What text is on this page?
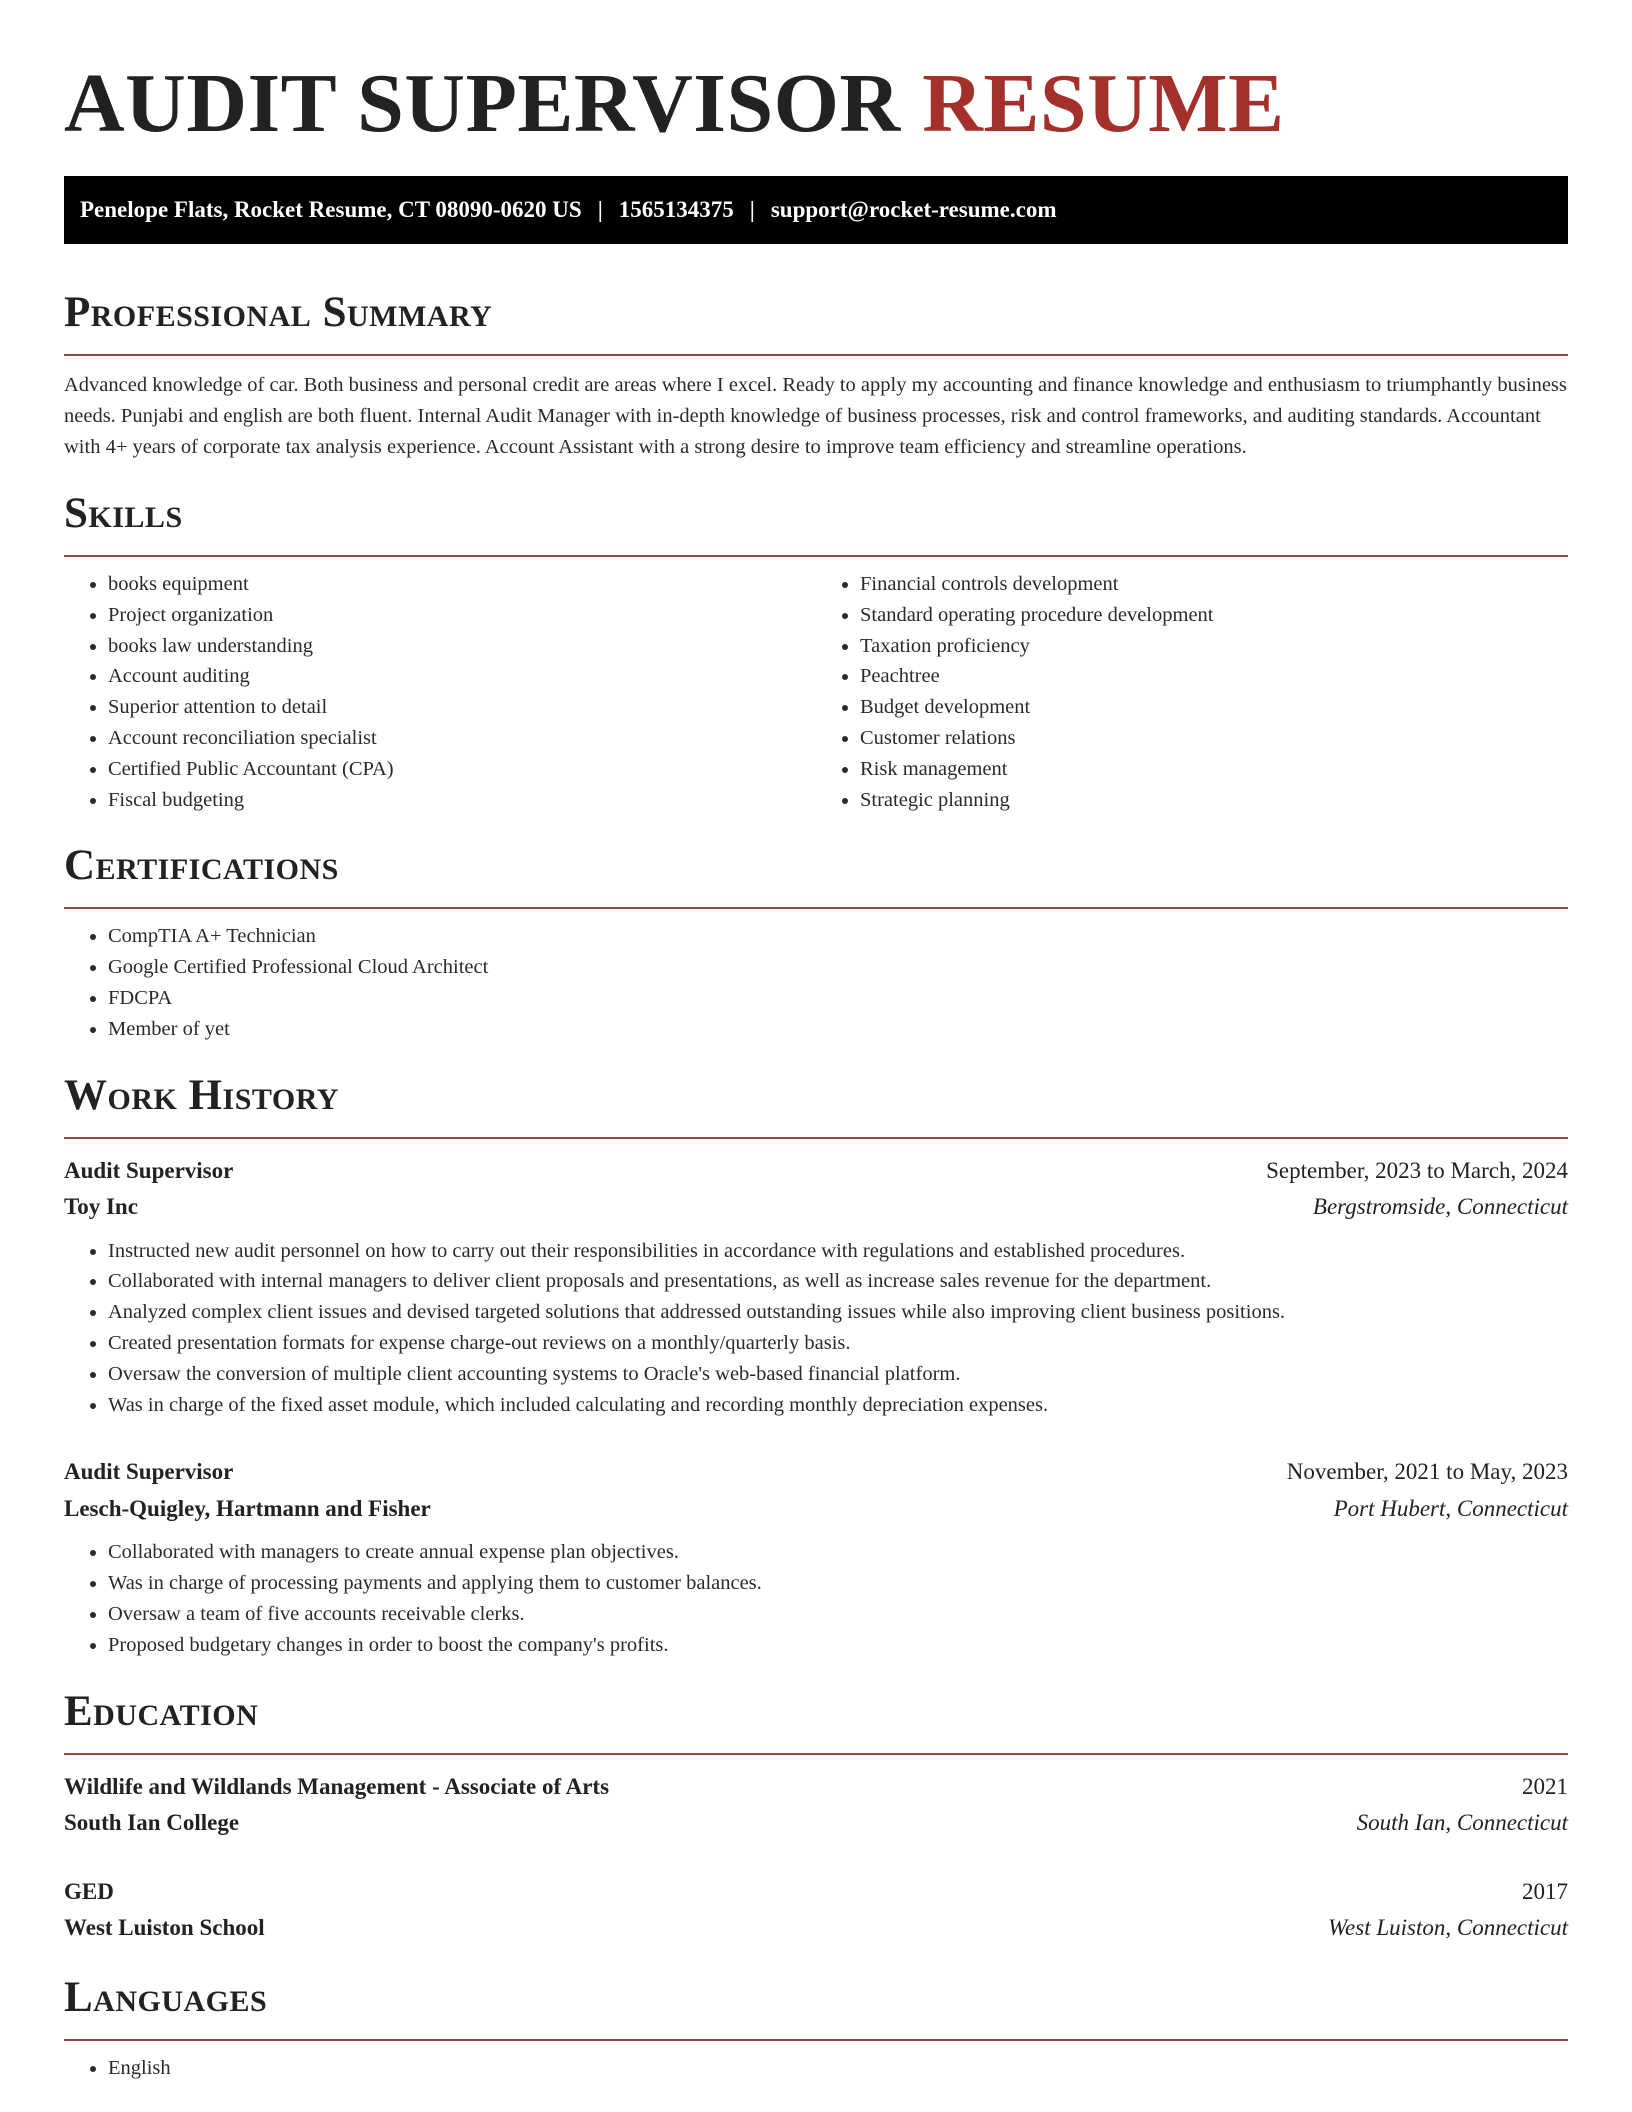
AUDIT SUPERVISOR RESUME
Penelope Flats, Rocket Resume, CT 08090-0620 US | 1565134375 | support@rocket-resume.com
Professional Summary

Advanced knowledge of car. Both business and personal credit are areas where I excel. Ready to apply my accounting and finance knowledge and enthusiasm to triumphantly business needs. Punjabi and english are both fluent. Internal Audit Manager with in-depth knowledge of business processes, risk and control frameworks, and auditing standards. Accountant with 4+ years of corporate tax analysis experience. Account Assistant with a strong desire to improve team efficiency and streamline operations.

Skills
• books equipment
• Project organization
• books law understanding
• Account auditing
• Superior attention to detail
• Account reconciliation specialist
• Certified Public Accountant (CPA)
• Fiscal budgeting
• Financial controls development
• Standard operating procedure development
• Taxation proficiency
• Peachtree
• Budget development
• Customer relations
• Risk management
• Strategic planning
Certifications
• CompTIA A+ Technician
• Google Certified Professional Cloud Architect
• FDCPA
• Member of yet
Work History
Audit Supervisor	September, 2023 to March, 2024
Toy Inc	Bergstromside, Connecticut
• Instructed new audit personnel on how to carry out their responsibilities in accordance with regulations and established procedures.
• Collaborated with internal managers to deliver client proposals and presentations, as well as increase sales revenue for the department.
• Analyzed complex client issues and devised targeted solutions that addressed outstanding issues while also improving client business positions.
• Created presentation formats for expense charge-out reviews on a monthly/quarterly basis.
• Oversaw the conversion of multiple client accounting systems to Oracle's web-based financial platform.
• Was in charge of the fixed asset module, which included calculating and recording monthly depreciation expenses.
Audit Supervisor	November, 2021 to May, 2023
Lesch-Quigley, Hartmann and Fisher	Port Hubert, Connecticut
• Collaborated with managers to create annual expense plan objectives.
• Was in charge of processing payments and applying them to customer balances.
• Oversaw a team of five accounts receivable clerks.
• Proposed budgetary changes in order to boost the company's profits.
Education
Wildlife and Wildlands Management - Associate of Arts	2021
South Ian College	South Ian, Connecticut
GED	2017
West Luiston School	West Luiston, Connecticut
Languages
• English
